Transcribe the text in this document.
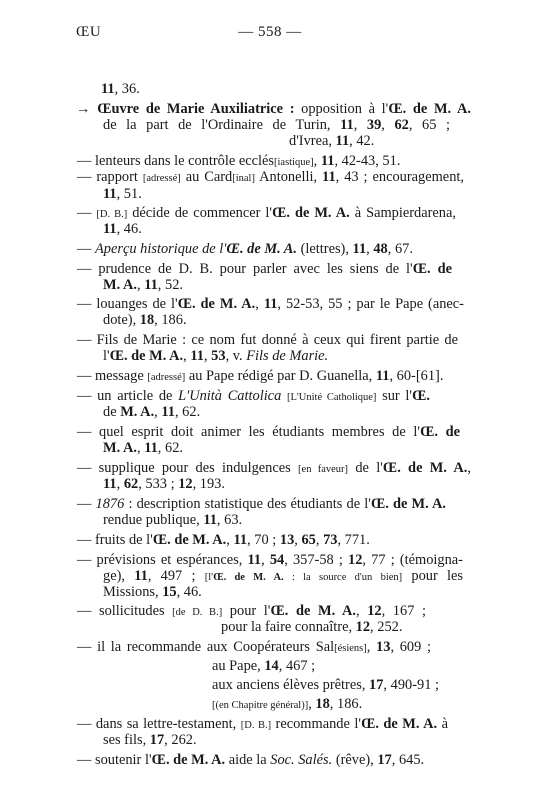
ŒU	— 558 —
11, 36.
→ Œuvre de Marie Auxiliatrice : opposition à l'Œ. de M. A.
de la part de l'Ordinaire de Turin, 11, 39, 62, 65 ;
d'Ivrea, 11, 42.
— lenteurs dans le contrôle ecclés[iastique], 11, 42-43, 51.
— rapport [adressé] au Card[inal] Antonelli, 11, 43 ; encouragement,
11, 51.
— [D. B.] décide de commencer l'Œ. de M. A. à Sampierdarena,
11, 46.
— Aperçu historique de l'Œ. de M. A. (lettres), 11, 48, 67.
— prudence de D. B. pour parler avec les siens de l'Œ. de
M. A., 11, 52.
— louanges de l'Œ. de M. A., 11, 52-53, 55 ; par le Pape (anec-
dote), 18, 186.
— Fils de Marie : ce nom fut donné à ceux qui firent partie de
l'Œ. de M. A., 11, 53, v. Fils de Marie.
— message [adressé] au Pape rédigé par D. Guanella, 11, 60-[61].
— un article de L'Unità Cattolica [L'Unité Catholique] sur l'Œ.
de M. A., 11, 62.
— quel esprit doit animer les étudiants membres de l'Œ. de
M. A., 11, 62.
— supplique pour des indulgences [en faveur] de l'Œ. de M. A.,
11, 62, 533 ; 12, 193.
— 1876 : description statistique des étudiants de l'Œ. de M. A.
rendue publique, 11, 63.
— fruits de l'Œ. de M. A., 11, 70 ; 13, 65, 73, 771.
— prévisions et espérances, 11, 54, 357-58 ; 12, 77 ; (témoigna-
ge), 11, 497 ; [l'Œ. de M. A. : la source d'un bien] pour les
Missions, 15, 46.
— sollicitudes [de D. B.] pour l'Œ. de M. A., 12, 167 ;
pour la faire connaître, 12, 252.
— il la recommande aux Coopérateurs Sal[ésiens], 13, 609 ;
au Pape, 14, 467 ;
aux anciens élèves prêtres, 17, 490-91 ;
[(en Chapitre général)], 18, 186.
— dans sa lettre-testament, [D. B.] recommande l'Œ. de M. A. à
ses fils, 17, 262.
— soutenir l'Œ. de M. A. aide la Soc. Salés. (rêve), 17, 645.
